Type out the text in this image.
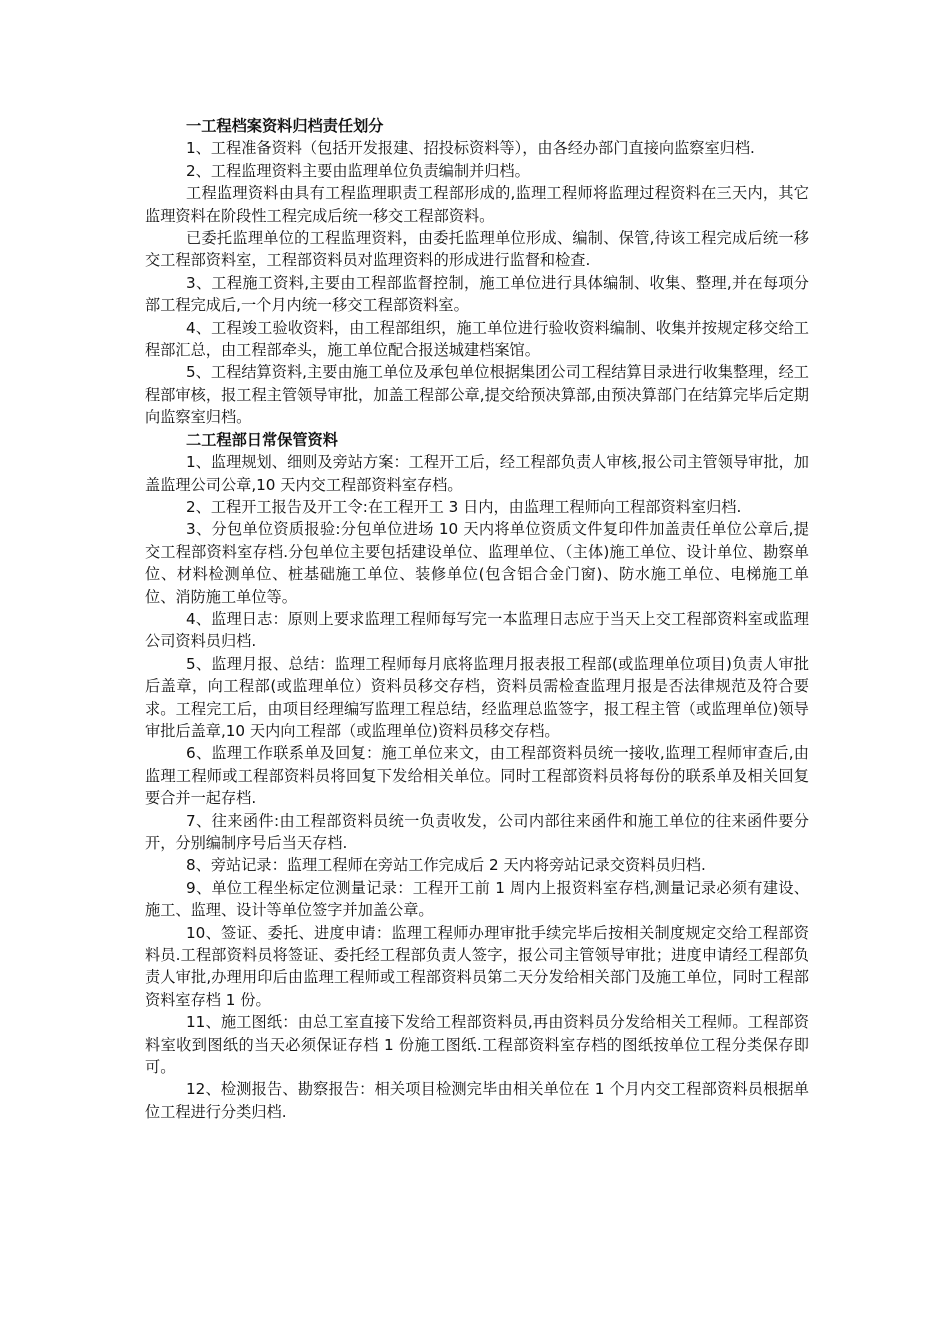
一工程档案资料归档责任划分

1、工程准备资料（包括开发报建、招投标资料等），由各经办部门直接向监察室归档.

2、工程监理资料主要由监理单位负责编制并归档。

工程监理资料由具有工程监理职责工程部形成的,监理工程师将监理过程资料在三天内，其它监理资料在阶段性工程完成后统一移交工程部资料。

已委托监理单位的工程监理资料，由委托监理单位形成、编制、保管,待该工程完成后统一移交工程部资料室，工程部资料员对监理资料的形成进行监督和检查.

3、工程施工资料,主要由工程部监督控制，施工单位进行具体编制、收集、整理,并在每项分部工程完成后,一个月内统一移交工程部资料室。

4、工程竣工验收资料，由工程部组织，施工单位进行验收资料编制、收集并按规定移交给工程部汇总，由工程部牵头，施工单位配合报送城建档案馆。

5、工程结算资料,主要由施工单位及承包单位根据集团公司工程结算目录进行收集整理，经工程部审核，报工程主管领导审批，加盖工程部公章,提交给预决算部,由预决算部门在结算完毕后定期向监察室归档。

二工程部日常保管资料

1、监理规划、细则及旁站方案：工程开工后，经工程部负责人审核,报公司主管领导审批，加盖监理公司公章,10 天内交工程部资料室存档。

2、工程开工报告及开工令:在工程开工 3 日内，由监理工程师向工程部资料室归档.

3、分包单位资质报验:分包单位进场 10 天内将单位资质文件复印件加盖责任单位公章后,提交工程部资料室存档.分包单位主要包括建设单位、监理单位、（主体)施工单位、设计单位、勘察单位、材料检测单位、桩基础施工单位、装修单位(包含铝合金门窗)、防水施工单位、电梯施工单位、消防施工单位等。

4、监理日志：原则上要求监理工程师每写完一本监理日志应于当天上交工程部资料室或监理公司资料员归档.

5、监理月报、总结：监理工程师每月底将监理月报表报工程部(或监理单位项目)负责人审批后盖章，向工程部(或监理单位）资料员移交存档，资料员需检查监理月报是否法律规范及符合要求。工程完工后，由项目经理编写监理工程总结，经监理总监签字，报工程主管（或监理单位)领导审批后盖章,10 天内向工程部（或监理单位)资料员移交存档。

6、监理工作联系单及回复：施工单位来文，由工程部资料员统一接收,监理工程师审查后,由监理工程师或工程部资料员将回复下发给相关单位。同时工程部资料员将每份的联系单及相关回复要合并一起存档.

7、往来函件:由工程部资料员统一负责收发，公司内部往来函件和施工单位的往来函件要分开，分别编制序号后当天存档.

8、旁站记录：监理工程师在旁站工作完成后 2 天内将旁站记录交资料员归档.

9、单位工程坐标定位测量记录：工程开工前 1 周内上报资料室存档,测量记录必须有建设、施工、监理、设计等单位签字并加盖公章。

10、签证、委托、进度申请：监理工程师办理审批手续完毕后按相关制度规定交给工程部资料员.工程部资料员将签证、委托经工程部负责人签字，报公司主管领导审批；进度申请经工程部负责人审批,办理用印后由监理工程师或工程部资料员第二天分发给相关部门及施工单位，同时工程部资料室存档 1 份。

11、施工图纸：由总工室直接下发给工程部资料员,再由资料员分发给相关工程师。工程部资料室收到图纸的当天必须保证存档 1 份施工图纸.工程部资料室存档的图纸按单位工程分类保存即可。

12、检测报告、勘察报告：相关项目检测完毕由相关单位在 1 个月内交工程部资料员根据单位工程进行分类归档.
